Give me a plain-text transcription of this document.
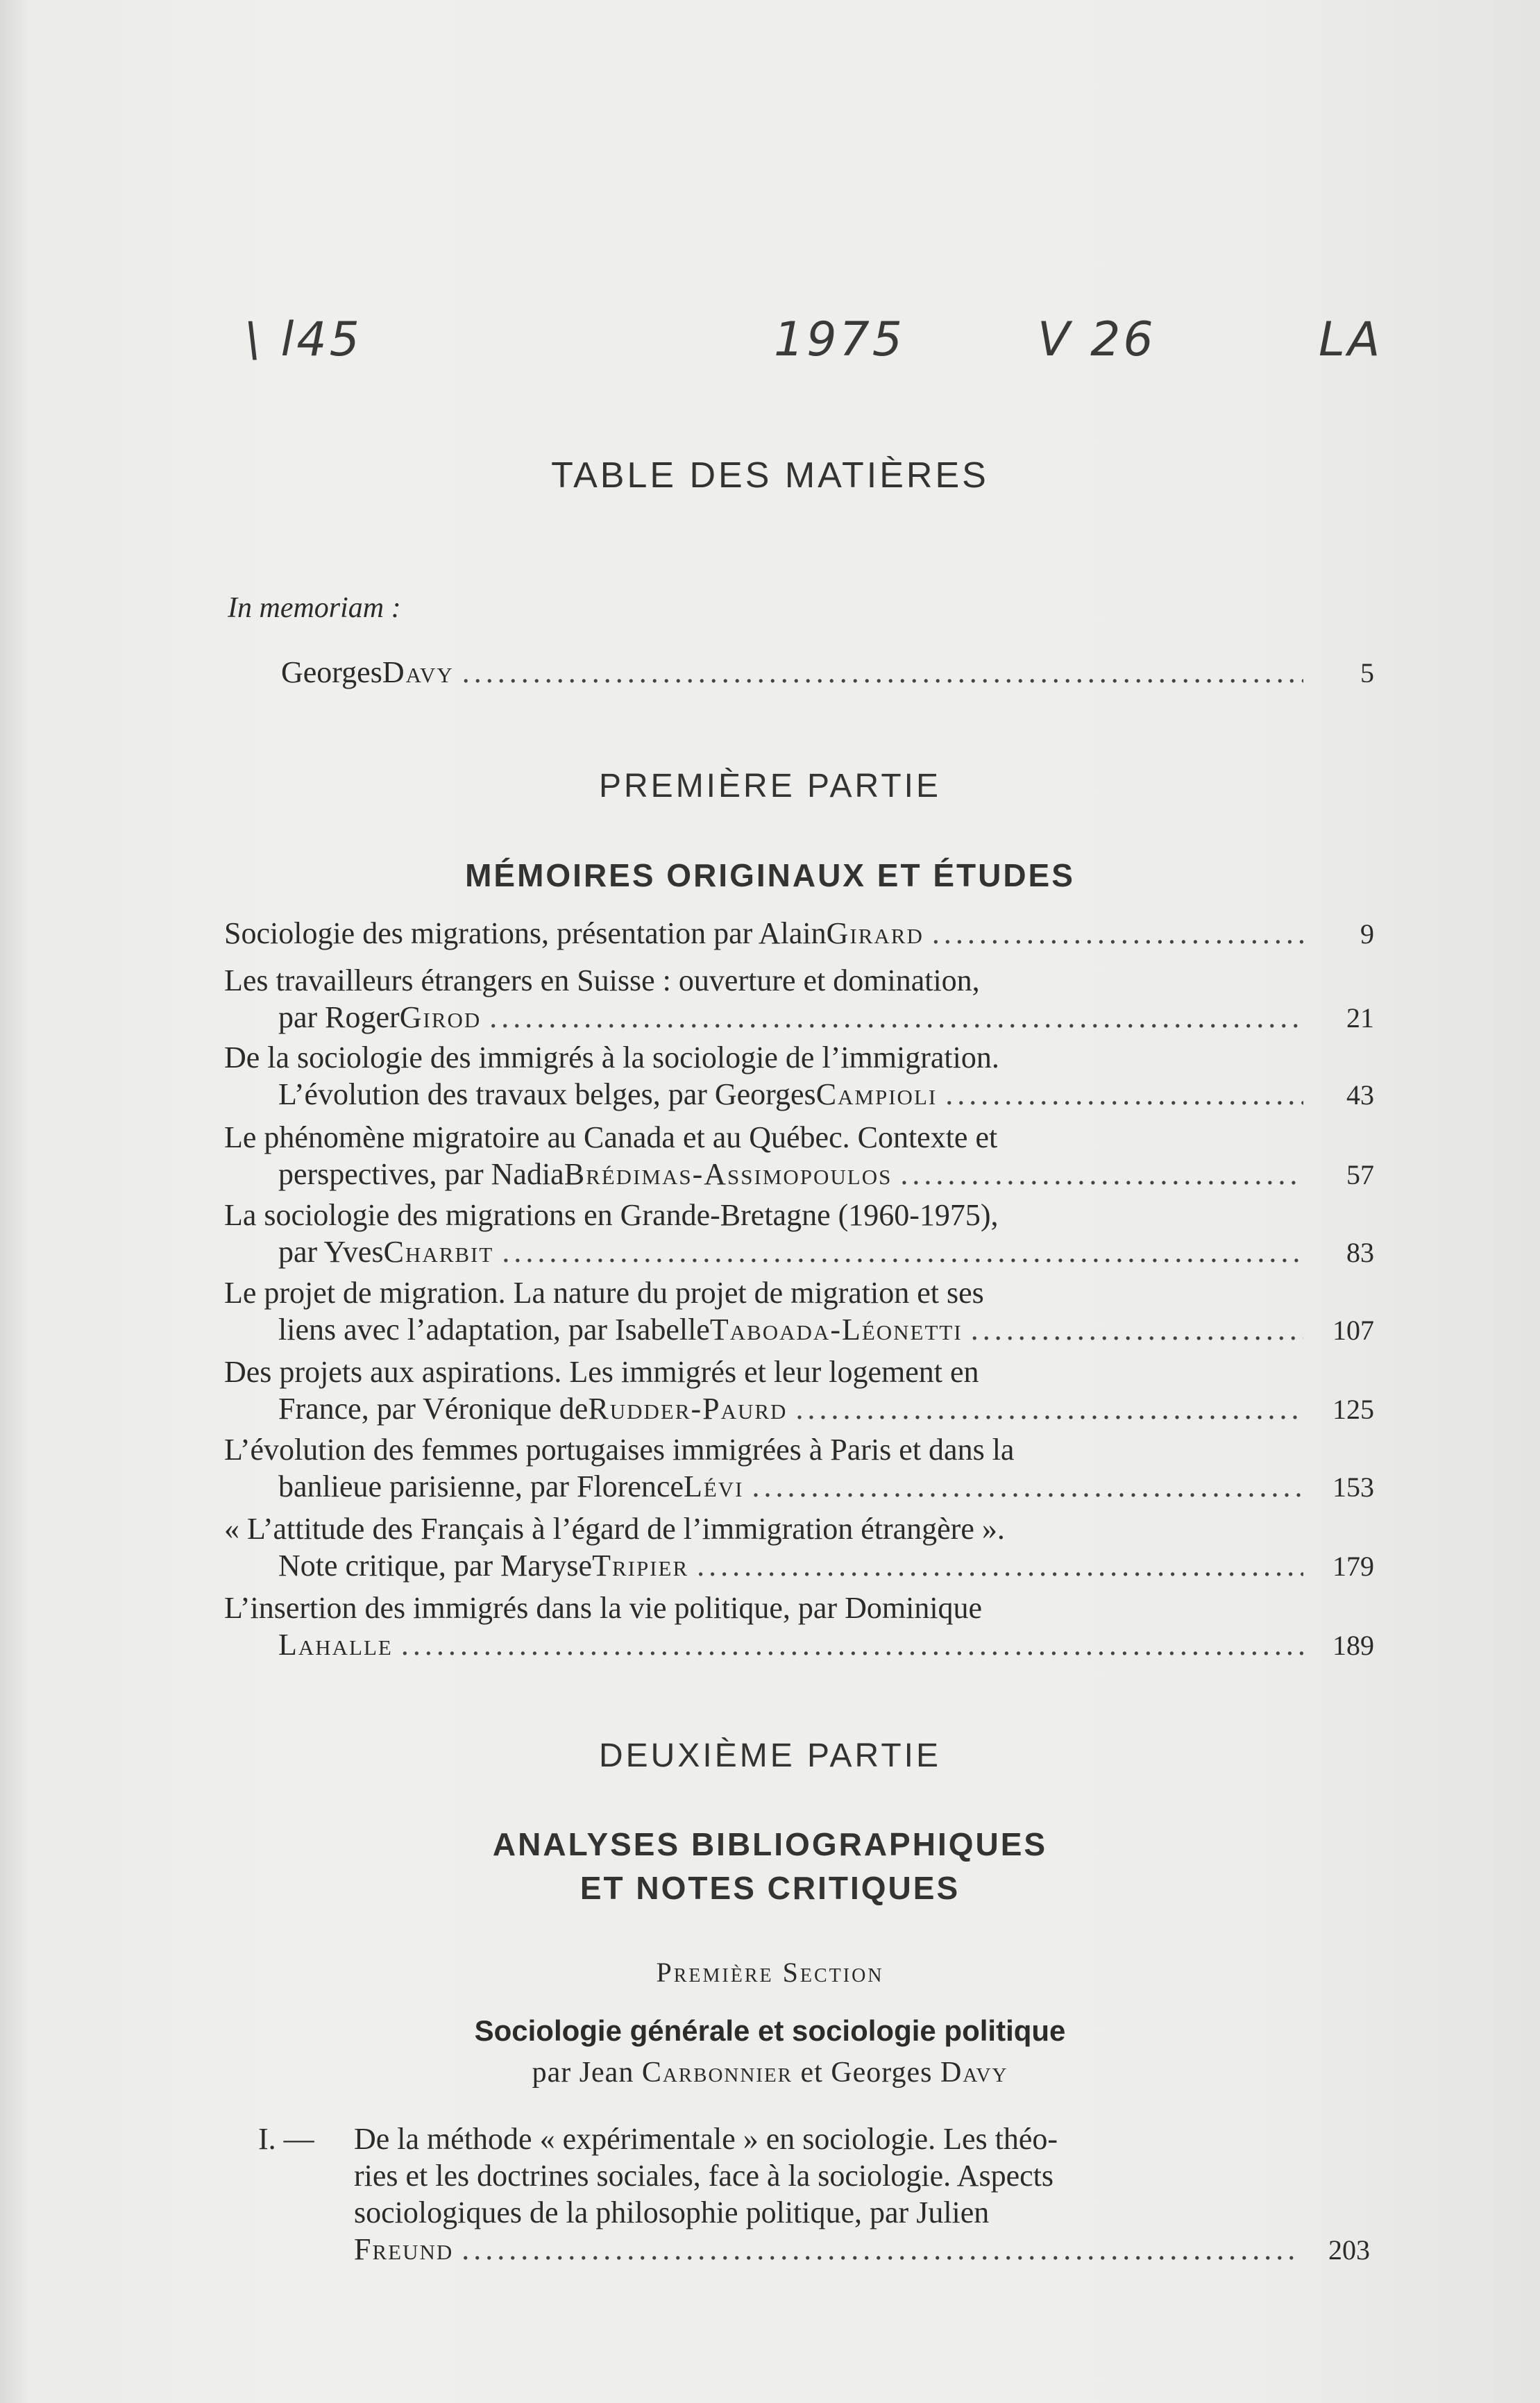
\ l45	1975	V 26	LA
TABLE DES MATIÈRES
In memoriam :
Georges Davy .....	5
PREMIÈRE PARTIE
MÉMOIRES ORIGINAUX ET ÉTUDES
Sociologie des migrations, présentation par Alain Girard .....	9
Les travailleurs étrangers en Suisse : ouverture et domination,
par Roger Girod .....	21
De la sociologie des immigrés à la sociologie de l’immigration.
L’évolution des travaux belges, par Georges Campioli .....	43
Le phénomène migratoire au Canada et au Québec. Contexte et
perspectives, par Nadia Brédimas-Assimopoulos .....	57
La sociologie des migrations en Grande-Bretagne (1960-1975),
par Yves Charbit .....	83
Le projet de migration. La nature du projet de migration et ses
liens avec l’adaptation, par Isabelle Taboada-Léonetti .....	107
Des projets aux aspirations. Les immigrés et leur logement en
France, par Véronique de Rudder-Paurd .....	125
L’évolution des femmes portugaises immigrées à Paris et dans la
banlieue parisienne, par Florence Lévi .....	153
« L’attitude des Français à l’égard de l’immigration étrangère ».
Note critique, par Maryse Tripier .....	179
L’insertion des immigrés dans la vie politique, par Dominique
Lahalle .....	189
DEUXIÈME PARTIE
ANALYSES BIBLIOGRAPHIQUES
ET NOTES CRITIQUES
Première Section
Sociologie générale et sociologie politique
par Jean Carbonnier et Georges Davy
I. — De la méthode « expérimentale » en sociologie. Les théo-
ries et les doctrines sociales, face à la sociologie. Aspects
sociologiques de la philosophie politique, par Julien
Freund .....	203
